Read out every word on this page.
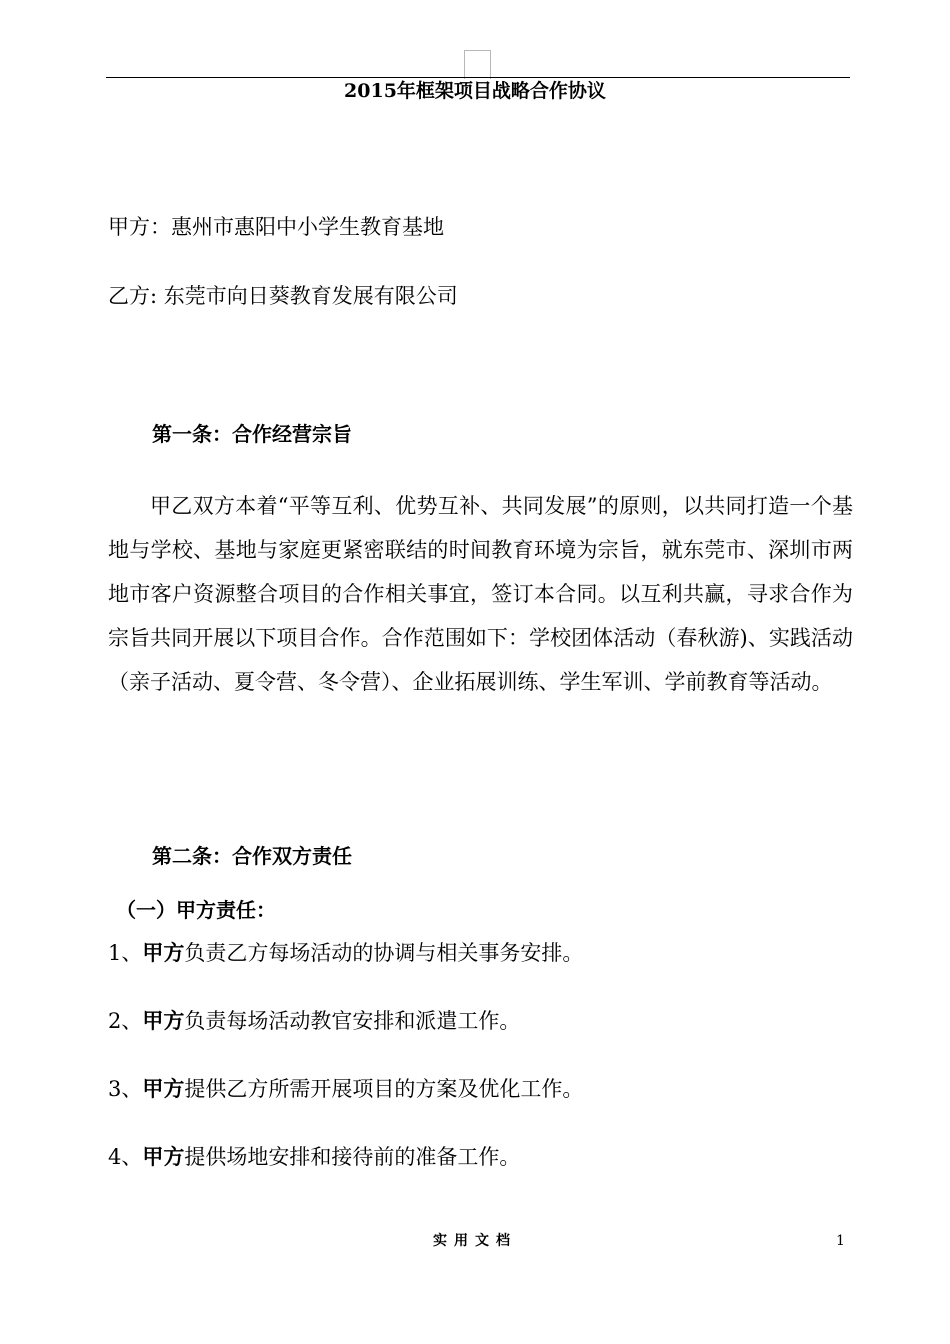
2015年框架项目战略合作协议
甲方：惠州市惠阳中小学生教育基地
乙方: 东莞市向日葵教育发展有限公司
第一条：合作经营宗旨
甲乙双方本着“平等互利、优势互补、共同发展”的原则，以共同打造一个基地与学校、基地与家庭更紧密联结的时间教育环境为宗旨，就东莞市、深圳市两地市客户资源整合项目的合作相关事宜，签订本合同。以互利共赢，寻求合作为宗旨共同开展以下项目合作。合作范围如下：学校团体活动（春秋游)、实践活动（亲子活动、夏令营、冬令营）、企业拓展训练、学生军训、学前教育等活动。
第二条：合作双方责任
（一）甲方责任：
1、甲方负责乙方每场活动的协调与相关事务安排。
2、甲方负责每场活动教官安排和派遣工作。
3、甲方提供乙方所需开展项目的方案及优化工作。
4、甲方提供场地安排和接待前的准备工作。
实用文档	1
